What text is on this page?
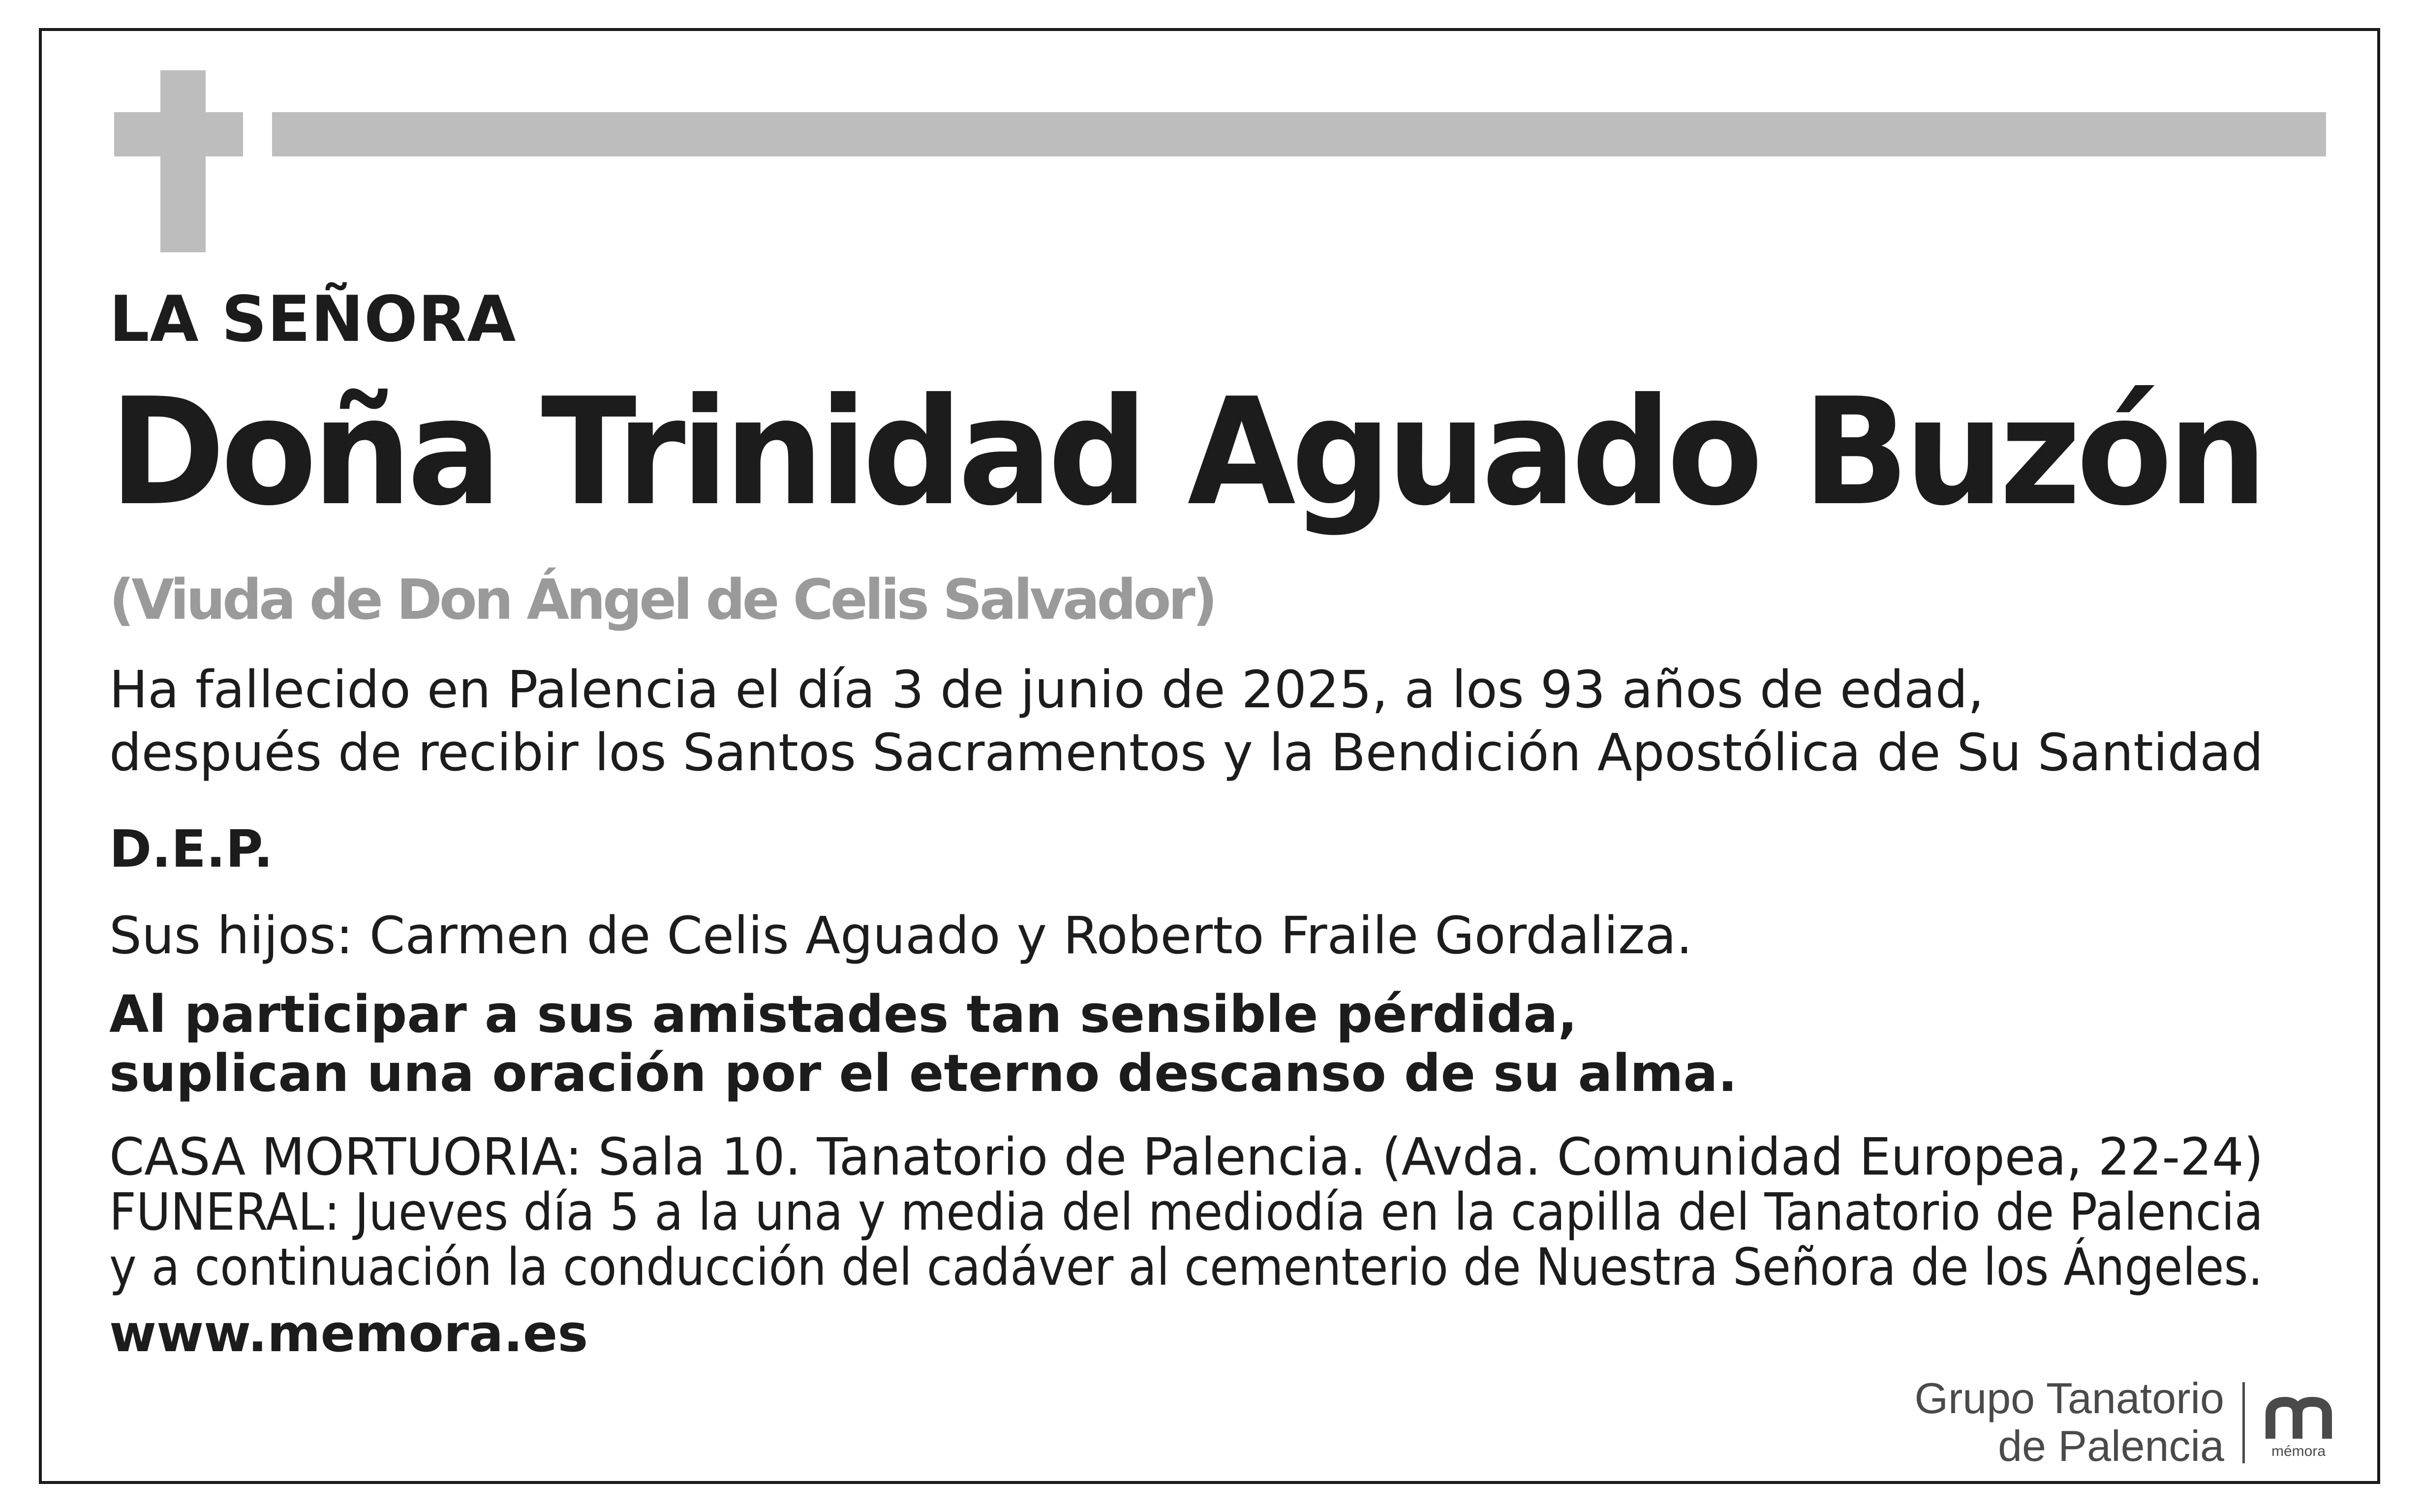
LA SEÑORA

Doña Trinidad Aguado Buzón

(Viuda de Don Ángel de Celis Salvador)

Ha fallecido en Palencia el día 3 de junio de 2025, a los 93 años de edad,

después de recibir los Santos Sacramentos y la Bendición Apostólica de Su Santidad

D.E.P.

Sus hijos: Carmen de Celis Aguado y Roberto Fraile Gordaliza.

Al participar a sus amistades tan sensible pérdida,

suplican una oración por el eterno descanso de su alma.

CASA MORTUORIA: Sala 10. Tanatorio de Palencia. (Avda. Comunidad Europea, 22-24)

FUNERAL: Jueves día 5 a la una y media del mediodía en la capilla del Tanatorio de Palencia

y a continuación la conducción del cadáver al cementerio de Nuestra Señora de los Ángeles.

www.memora.es

Grupo Tanatorio
de Palencia	mémora
